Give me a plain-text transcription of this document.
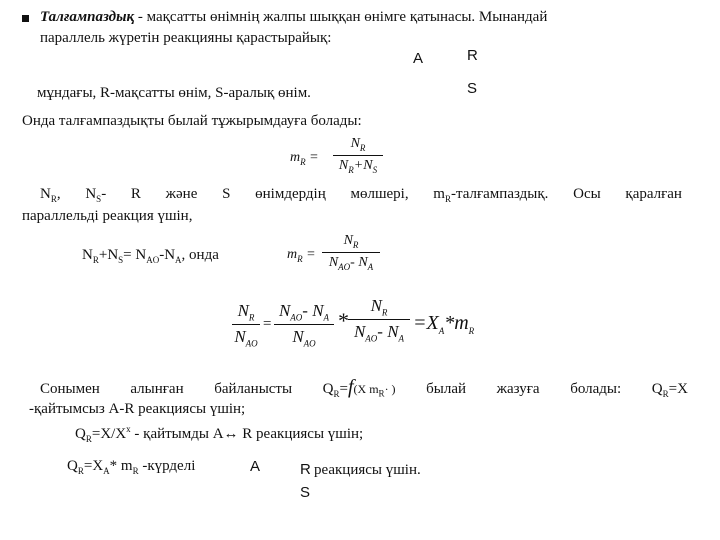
Талғампаздық - мақсатты өнімнің жалпы шыққан өнімге қатынасы. Мынандай
параллель жүретін реакцияны қарастырайық:
A	R
S
мұндағы, R-мақсатты өнім, S-аралық өнім.
Онда талғампаздықты былай тұжырымдауға болады:
$m_R$ =
$N_R$
$N_R+N_S$
$N_R$, $N_S-$ R және S өнімдердің мөлшері, $m_R$-талғампаздық. Осы қаралған
параллельді реакция үшін,
$N_R+N_S= N_{AO}-N_A$, онда	$m_R$ =
$N_R$
$N_{AO}-$ $N_A$
$N_R$
$N_{AO}$
=
$N_{AO}-$ $N_A$
$N_{AO}$
*
$N_R$
$N_{AO}-$ $N_A$
$=X_A*m_R$
Сонымен алынған байланысты $Q_R=f(X$ $m_R\cdot$ ) былай жазуға болады: $Q_R=X$
-қайтымсыз A-R реакциясы үшін;
$Q_R=X/X^x$ - қайтымды A↔ R реакциясы үшін;
$Q_R=X_A*$ $m_R$ -күрделі	A	R
S
реакциясы үшін.
